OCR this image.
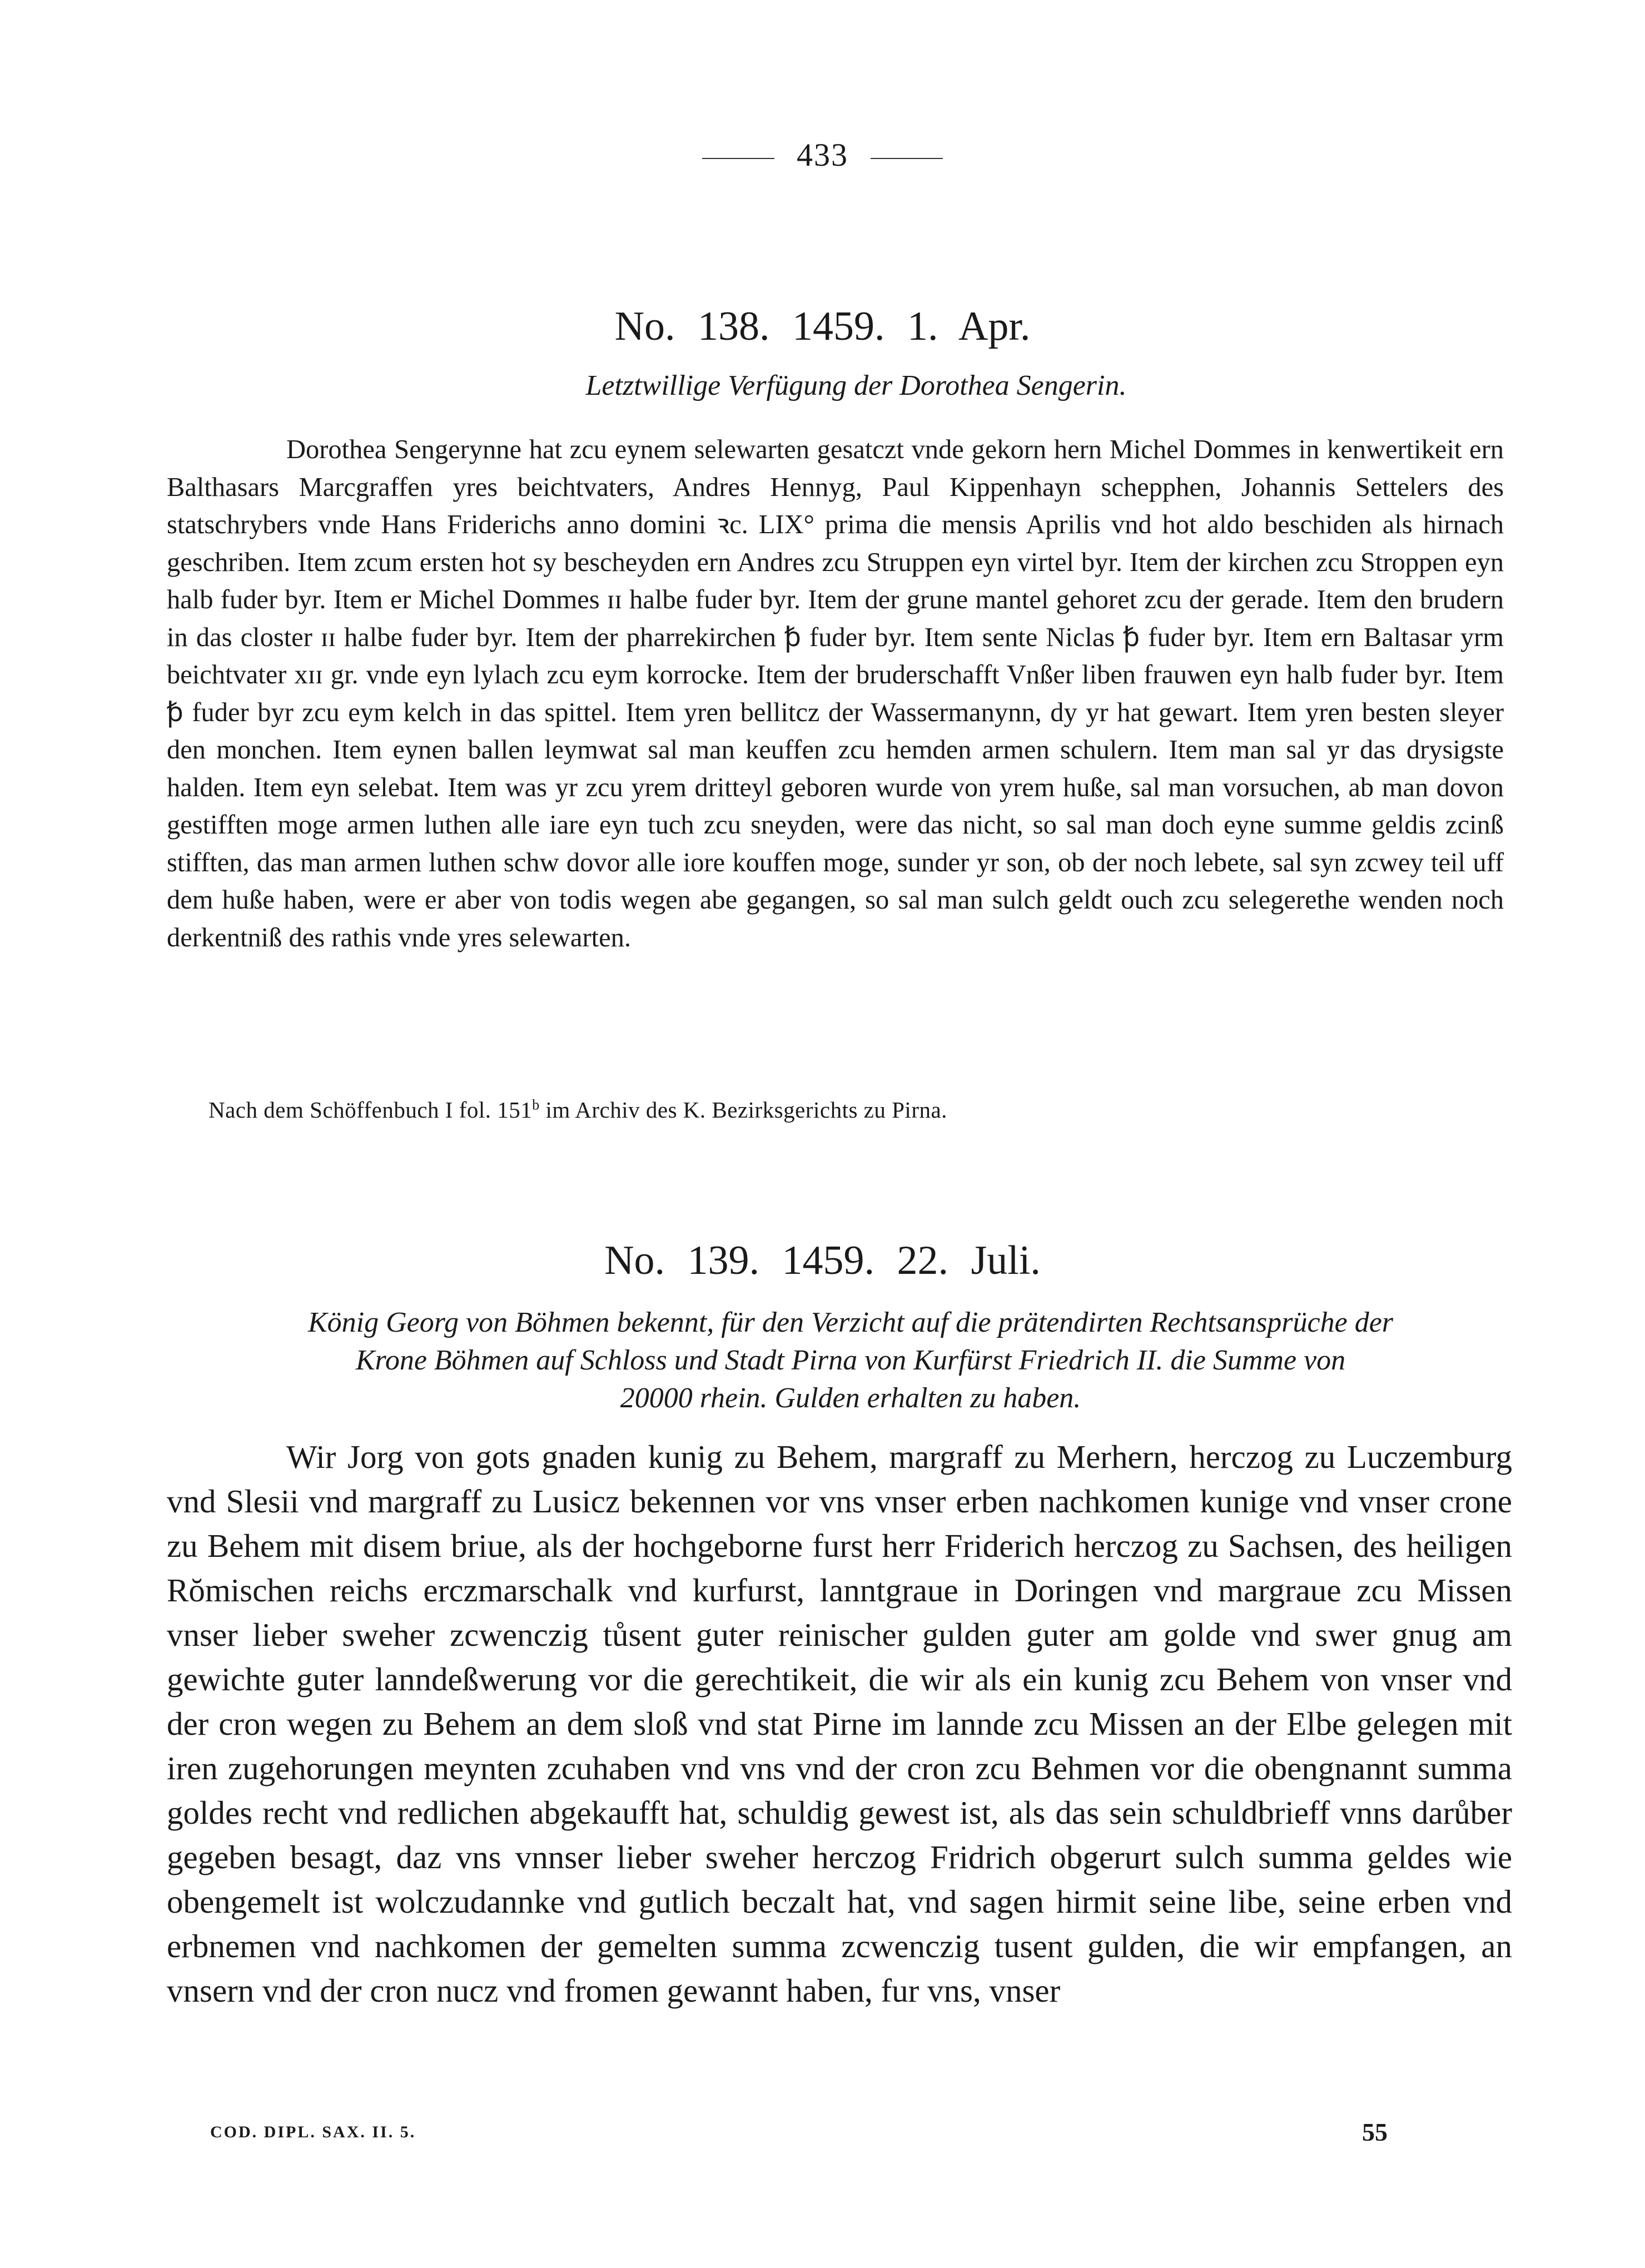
433
No. 138. 1459. 1. Apr.
Letztwillige Verfügung der Dorothea Sengerin.
Dorothea Sengerynne hat zcu eynem selewarten gesatczt vnde gekorn hern Michel Dommes in kenwertikeit ern Balthasars Marcgraffen yres beichtvaters, Andres Hennyg, Paul Kippenhayn schepphen, Johannis Settelers des statschrybers vnde Hans Friderichs anno domini ꝛc. LIX° prima die mensis Aprilis vnd hot aldo beschiden als hirnach geschriben. Item zcum ersten hot sy bescheyden ern Andres zcu Struppen eyn virtel byr. Item der kirchen zcu Stroppen eyn halb fuder byr. Item er Michel Dommes ɪɪ halbe fuder byr. Item der grune mantel gehoret zcu der gerade. Item den brudern in das closter ɪɪ halbe fuder byr. Item der pharrekirchen ꝥ fuder byr. Item sente Niclas ꝥ fuder byr. Item ern Baltasar yrm beichtvater xɪɪ gr. vnde eyn lylach zcu eym korrocke. Item der bruderschafft Vnßer liben frauwen eyn halb fuder byr. Item ꝥ fuder byr zcu eym kelch in das spittel. Item yren bellitcz der Wassermanynn, dy yr hat gewart. Item yren besten sleyer den monchen. Item eynen ballen leymwat sal man keuffen zcu hemden armen schulern. Item man sal yr das drysigste halden. Item eyn selebat. Item was yr zcu yrem dritteyl geboren wurde von yrem huße, sal man vorsuchen, ab man dovon gestifften moge armen luthen alle iare eyn tuch zcu sneyden, were das nicht, so sal man doch eyne summe geldis zcinß stifften, das man armen luthen schw dovor alle iore kouffen moge, sunder yr son, ob der noch lebete, sal syn zcwey teil uff dem huße haben, were er aber von todis wegen abe gegangen, so sal man sulch geldt ouch zcu selegerethe wenden noch derkentniß des rathis vnde yres selewarten.
Nach dem Schöffenbuch I fol. 151$^b$ im Archiv des K. Bezirksgerichts zu Pirna.
No. 139. 1459. 22. Juli.
König Georg von Böhmen bekennt, für den Verzicht auf die prätendirten Rechtsansprüche der
Krone Böhmen auf Schloss und Stadt Pirna von Kurfürst Friedrich II. die Summe von
20000 rhein. Gulden erhalten zu haben.
Wir Jorg von gots gnaden kunig zu Behem, margraff zu Merhern, herczog zu Luczemburg vnd Slesii vnd margraff zu Lusicz bekennen vor vns vnser erben nachkomen kunige vnd vnser crone zu Behem mit disem briue, als der hochgeborne furst herr Friderich herczog zu Sachsen, des heiligen Rŏmischen reichs erczmarschalk vnd kurfurst, lanntgraue in Doringen vnd margraue zcu Missen vnser lieber sweher zcwenczig tůsent guter reinischer gulden guter am golde vnd swer gnug am gewichte guter lanndeßwerung vor die gerechtikeit, die wir als ein kunig zcu Behem von vnser vnd der cron wegen zu Behem an dem sloß vnd stat Pirne im lannde zcu Missen an der Elbe gelegen mit iren zugehorungen meynten zcuhaben vnd vns vnd der cron zcu Behmen vor die obengnannt summa goldes recht vnd redlichen abgekaufft hat, schuldig gewest ist, als das sein schuldbrieff vnns darůber gegeben besagt, daz vns vnnser lieber sweher herczog Fridrich obgerurt sulch summa geldes wie obengemelt ist wolczudannke vnd gutlich beczalt hat, vnd sagen hirmit seine libe, seine erben vnd erbnemen vnd nachkomen der gemelten summa zcwenczig tusent gulden, die wir empfangen, an vnsern vnd der cron nucz vnd fromen gewannt haben, fur vns, vnser
COD. DIPL. SAX. II. 5.	55
